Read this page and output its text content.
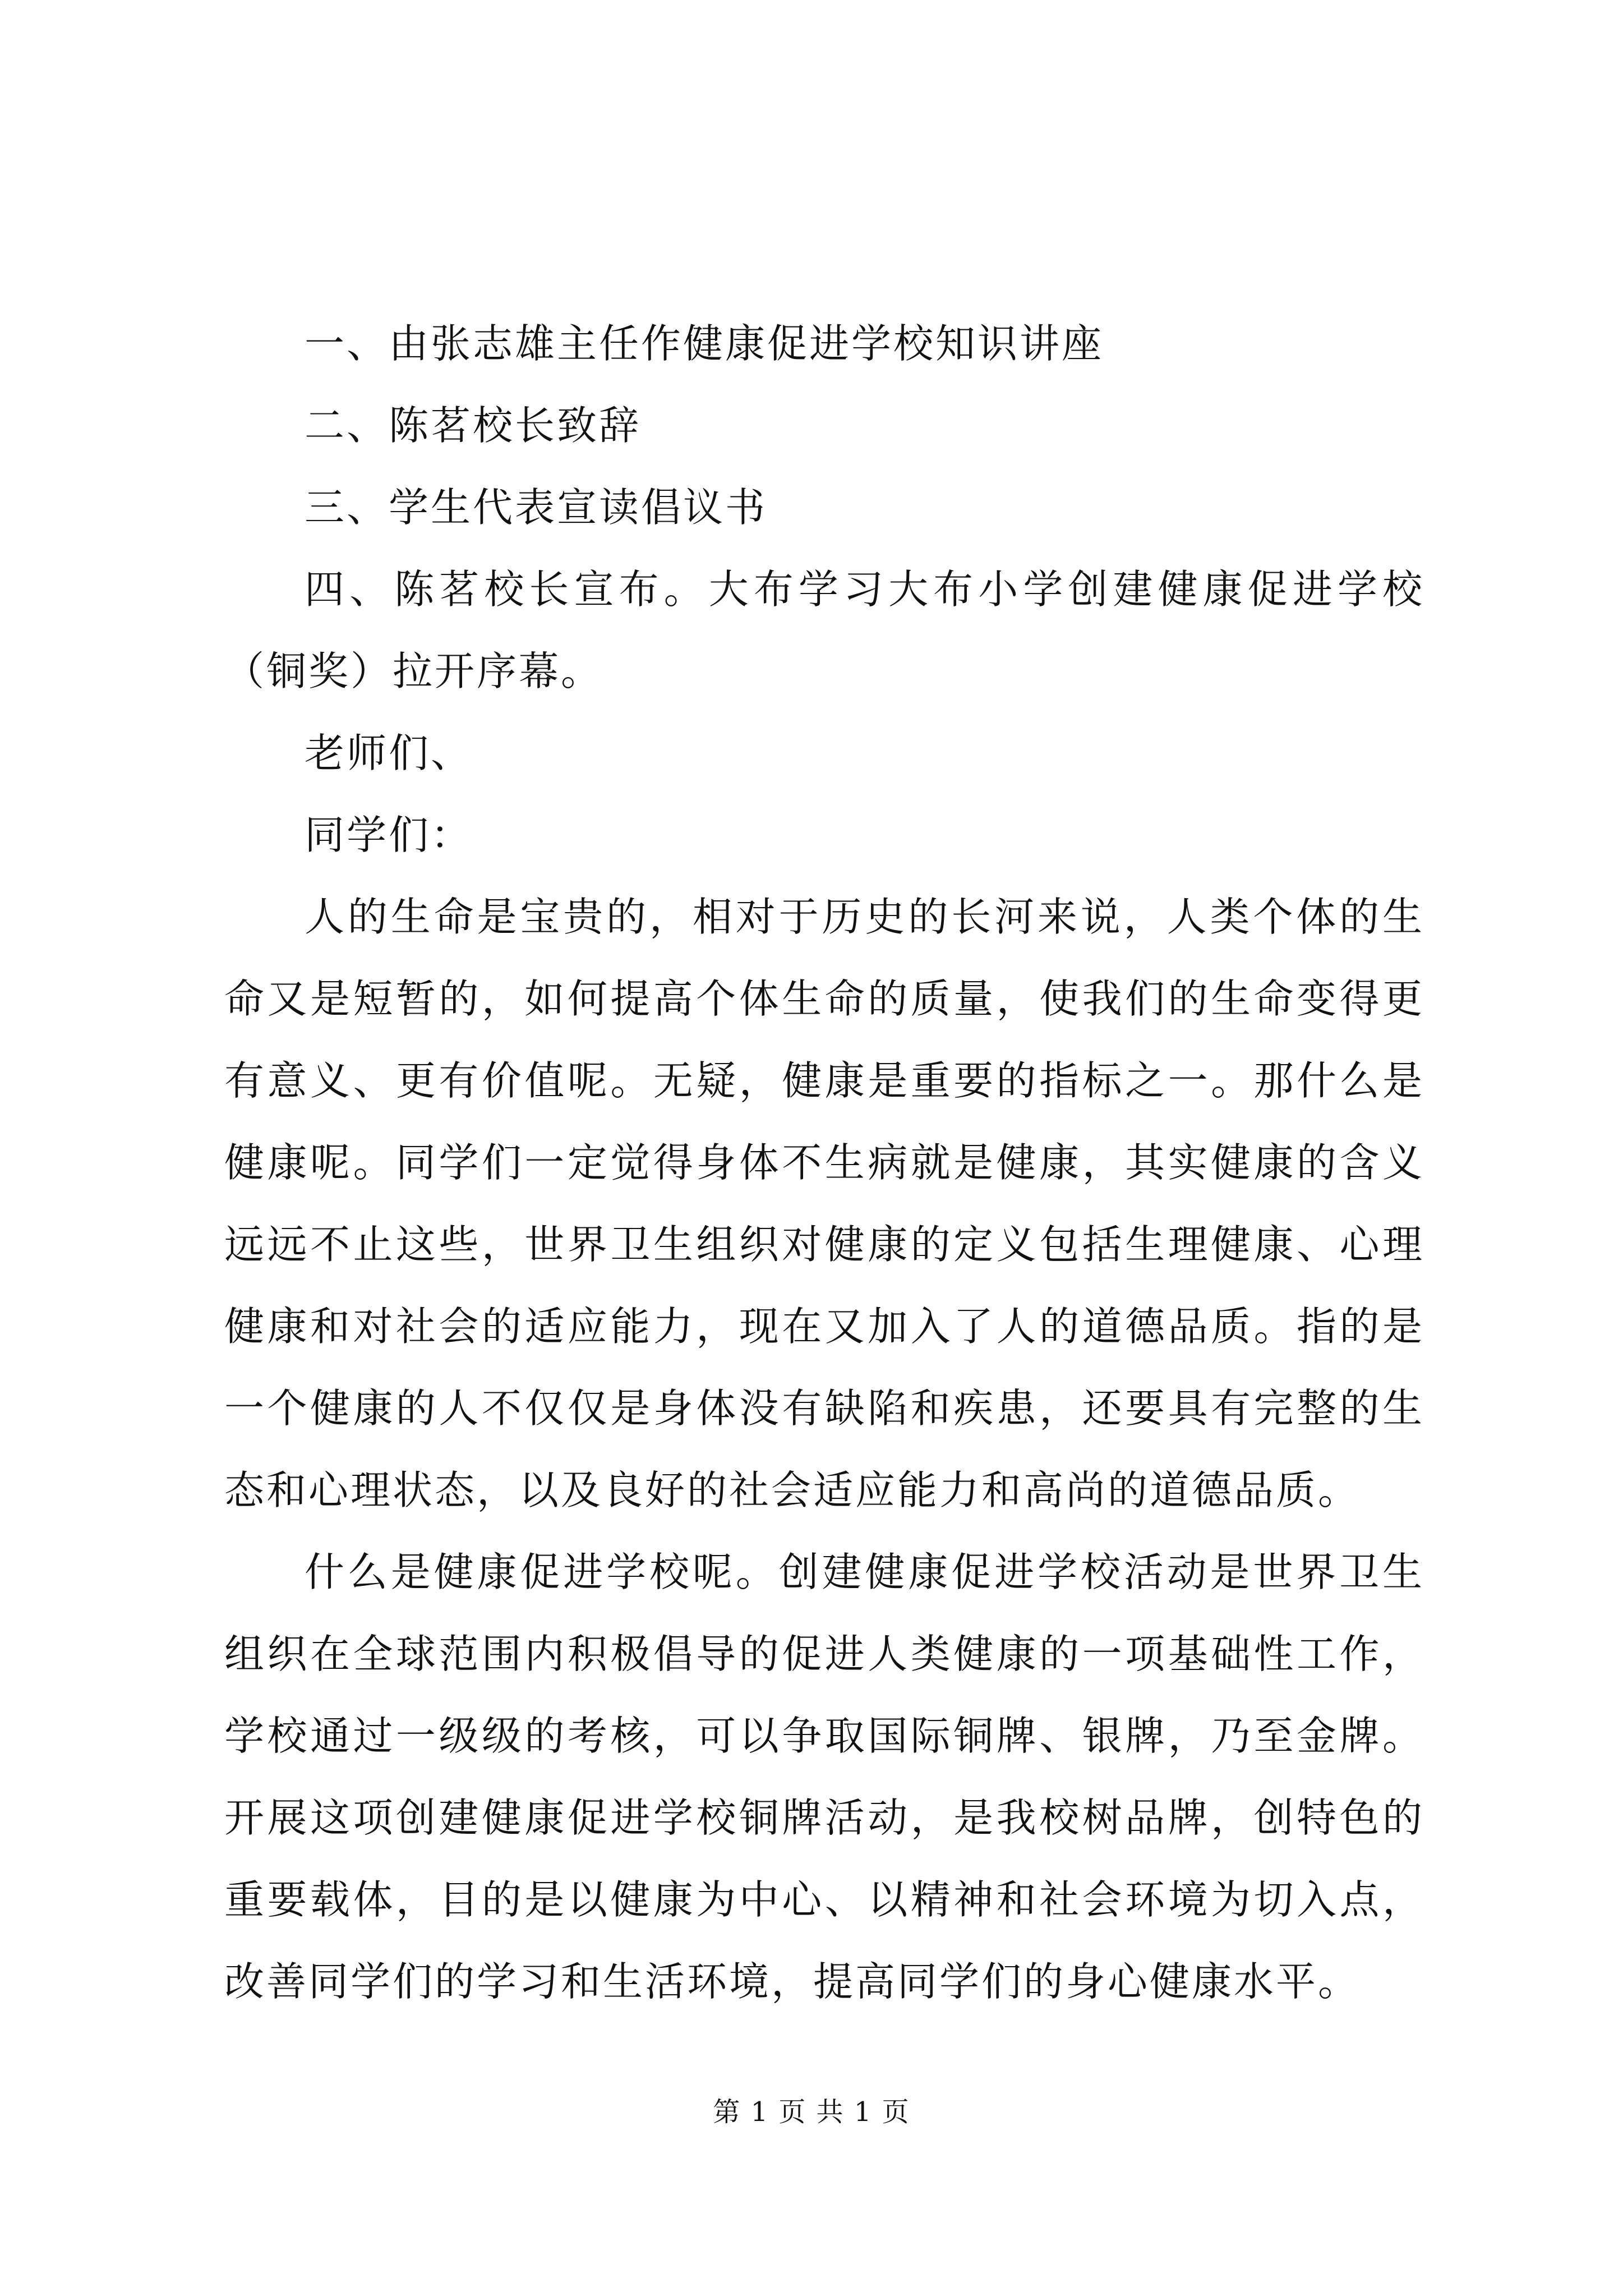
一、由张志雄主任作健康促进学校知识讲座

二、陈茗校长致辞

三、学生代表宣读倡议书

四、陈茗校长宣布。大布学习大布小学创建健康促进学校（铜奖）拉开序幕。

老师们、

同学们：

人的生命是宝贵的，相对于历史的长河来说，人类个体的生命又是短暂的，如何提高个体生命的质量，使我们的生命变得更有意义、更有价值呢。无疑，健康是重要的指标之一。那什么是健康呢。同学们一定觉得身体不生病就是健康，其实健康的含义远远不止这些，世界卫生组织对健康的定义包括生理健康、心理健康和对社会的适应能力，现在又加入了人的道德品质。指的是一个健康的人不仅仅是身体没有缺陷和疾患，还要具有完整的生态和心理状态，以及良好的社会适应能力和高尚的道德品质。

什么是健康促进学校呢。创建健康促进学校活动是世界卫生组织在全球范围内积极倡导的促进人类健康的一项基础性工作，学校通过一级级的考核，可以争取国际铜牌、银牌，乃至金牌。开展这项创建健康促进学校铜牌活动，是我校树品牌，创特色的重要载体，目的是以健康为中心、以精神和社会环境为切入点，改善同学们的学习和生活环境，提高同学们的身心健康水平。

第 1 页 共 1 页
